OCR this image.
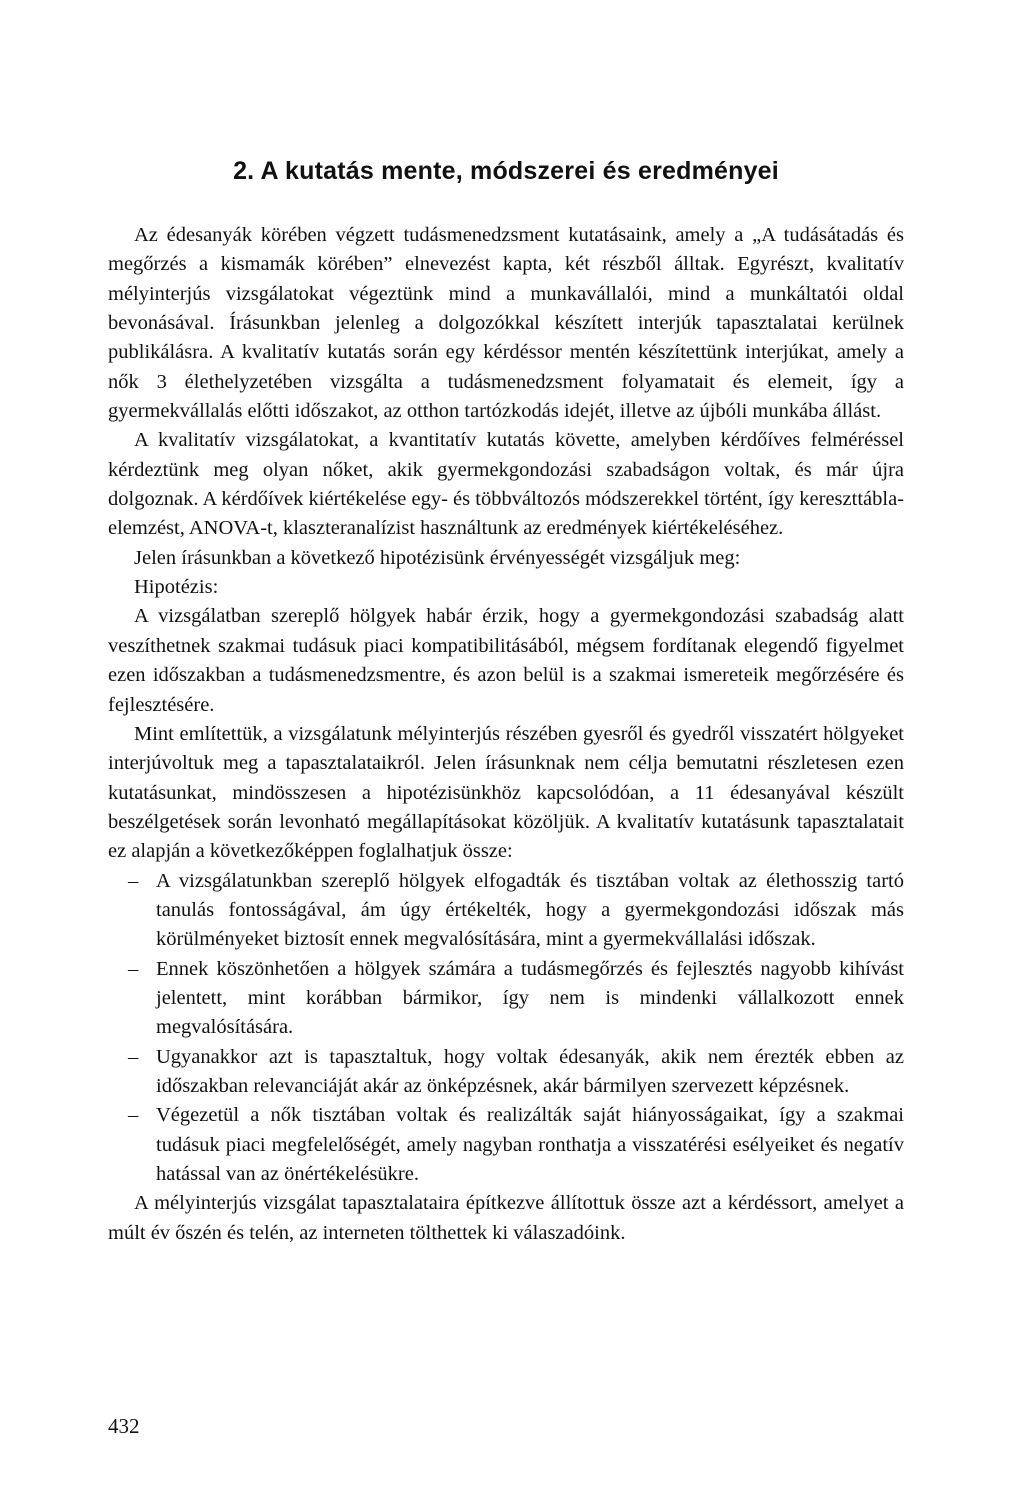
2. A kutatás mente, módszerei és eredményei

Az édesanyák körében végzett tudásmenedzsment kutatásaink, amely a „A tudásátadás és megőrzés a kismamák körében” elnevezést kapta, két részből álltak. Egyrészt, kvalitatív mélyinterjús vizsgálatokat végeztünk mind a munkavállalói, mind a munkáltatói oldal bevonásával. Írásunkban jelenleg a dolgozókkal készített interjúk tapasztalatai kerülnek publikálásra. A kvalitatív kutatás során egy kérdéssor mentén készítettünk interjúkat, amely a nők 3 élethelyzetében vizsgálta a tudásmenedzsment folyamatait és elemeit, így a gyermekvállalás előtti időszakot, az otthon tartózkodás idejét, illetve az újbóli munkába állást.

A kvalitatív vizsgálatokat, a kvantitatív kutatás követte, amelyben kérdőíves felméréssel kérdeztünk meg olyan nőket, akik gyermekgondozási szabadságon voltak, és már újra dolgoznak. A kérdőívek kiértékelése egy- és többváltozós módszerekkel történt, így kereszttábla-elemzést, ANOVA-t, klaszteranalízist használtunk az eredmények kiértékeléséhez.

Jelen írásunkban a következő hipotézisünk érvényességét vizsgáljuk meg:

Hipotézis:

A vizsgálatban szereplő hölgyek habár érzik, hogy a gyermekgondozási szabadság alatt veszíthetnek szakmai tudásuk piaci kompatibilitásából, mégsem fordítanak elegendő figyelmet ezen időszakban a tudásmenedzsmentre, és azon belül is a szakmai ismereteik megőrzésére és fejlesztésére.

Mint említettük, a vizsgálatunk mélyinterjús részében gyesről és gyedről visszatért hölgyeket interjúvoltuk meg a tapasztalataikról. Jelen írásunknak nem célja bemutatni részletesen ezen kutatásunkat, mindösszesen a hipotézisünkhöz kapcsolódóan, a 11 édesanyával készült beszélgetések során levonható megállapításokat közöljük. A kvalitatív kutatásunk tapasztalatait ez alapján a következőképpen foglalhatjuk össze:

– A vizsgálatunkban szereplő hölgyek elfogadták és tisztában voltak az élethosszig tartó tanulás fontosságával, ám úgy értékelték, hogy a gyermekgondozási időszak más körülményeket biztosít ennek megvalósítására, mint a gyermekvállalási időszak.
– Ennek köszönhetően a hölgyek számára a tudásmegőrzés és fejlesztés nagyobb kihívást jelentett, mint korábban bármikor, így nem is mindenki vállalkozott ennek megvalósítására.
– Ugyanakkor azt is tapasztaltuk, hogy voltak édesanyák, akik nem érezték ebben az időszakban relevanciáját akár az önképzésnek, akár bármilyen szervezett képzésnek.
– Végezetül a nők tisztában voltak és realizálták saját hiányosságaikat, így a szakmai tudásuk piaci megfelelőségét, amely nagyban ronthatja a visszatérési esélyeiket és negatív hatással van az önértékelésükre.

A mélyinterjús vizsgálat tapasztalataira építkezve állítottuk össze azt a kérdéssort, amelyet a múlt év őszén és telén, az interneten tölthettek ki válaszadóink.

432
